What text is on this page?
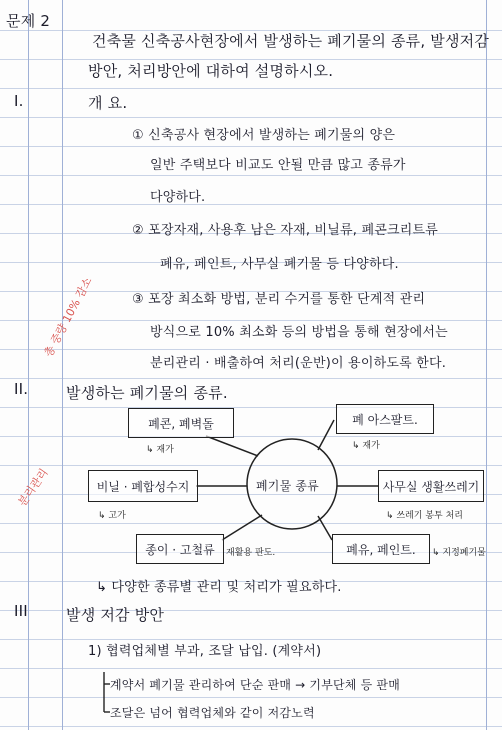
문제 2
건축물 신축공사현장에서 발생하는 폐기물의 종류, 발생저감
방안, 처리방안에 대하여 설명하시오.
I.	개 요.
① 신축공사 현장에서 발생하는 폐기물의 양은
일반 주택보다 비교도 안될 만큼 많고 종류가
다양하다.
② 포장자재, 사용후 남은 자재, 비닐류, 폐콘크리트류
폐유, 페인트, 사무실 폐기물 등 다양하다.
③ 포장 최소화 방법, 분리 수거를 통한 단계적 관리
방식으로 10% 최소화 등의 방법을 통해 현장에서는
분리관리 · 배출하여 처리(운반)이 용이하도록 한다.
총 중량 10% 감소
II.	발생하는 폐기물의 종류.
분리관리
폐콘, 폐벽돌
↳ 재가
폐 아스팔트.
↳ 재가
비닐 · 폐합성수지
↳ 고가
사무실 생활쓰레기
↳ 쓰레기 봉투 처리
종이 · 고철류	재활용 판도.	폐유, 페인트.	↳ 지정폐기물
폐기물 종류
↳ 다양한 종류별 관리 및 처리가 필요하다.
III	발생 저감 방안
1) 협력업체별 부과, 조달 납입. (계약서)
계약서 폐기물 관리하여 단순 판매 → 기부단체 등 판매
조달은 넘어 협력업체와 같이 저감노력
